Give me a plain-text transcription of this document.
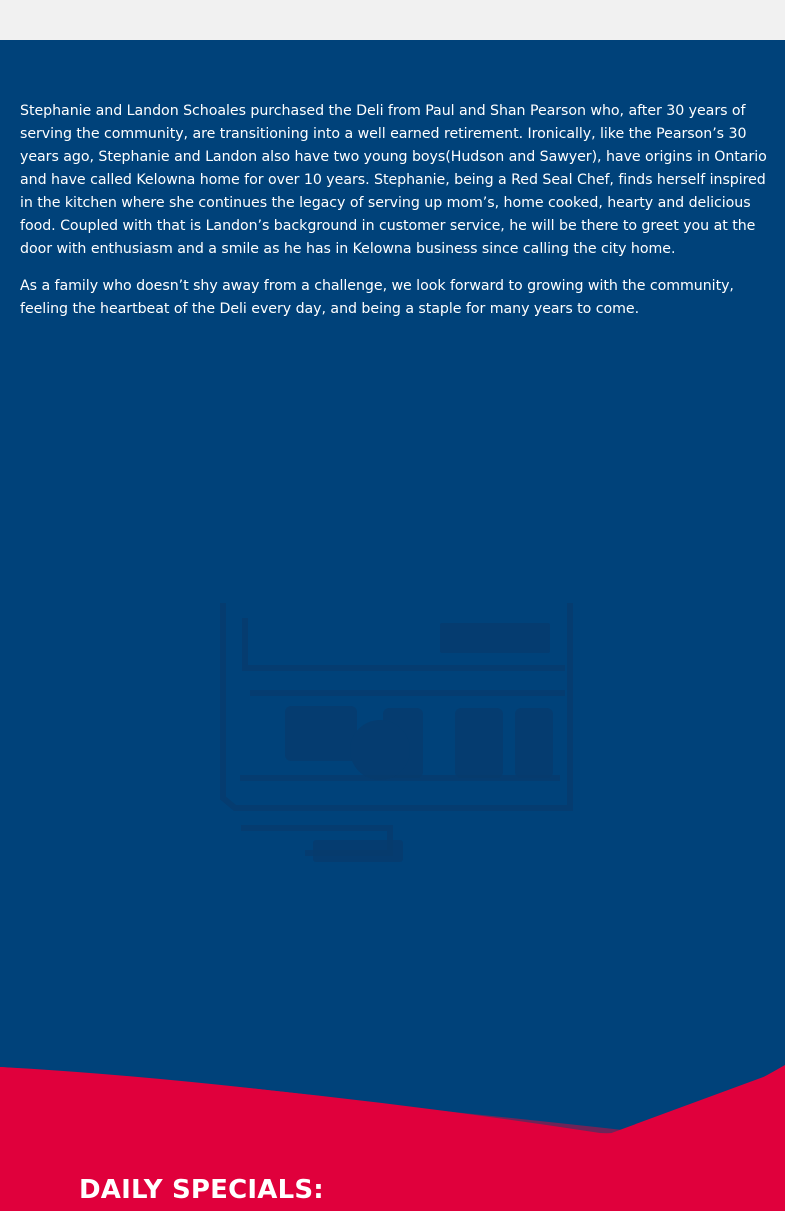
Stephanie and Landon Schoales purchased the Deli from Paul and Shan Pearson who, after 30 years of serving the community, are transitioning into a well earned retirement. Ironically, like the Pearson’s 30 years ago, Stephanie and Landon also have two young boys(Hudson and Sawyer), have origins in Ontario and have called Kelowna home for over 10 years. Stephanie, being a Red Seal Chef, finds herself inspired in the kitchen where she continues the legacy of serving up mom’s, home cooked, hearty and delicious food. Coupled with that is Landon’s background in customer service, he will be there to greet you at the door with enthusiasm and a smile as he has in Kelowna business since calling the city home.

As a family who doesn’t shy away from a challenge, we look forward to growing with the community, feeling the heartbeat of the Deli every day, and being a staple for many years to come.

DAILY SPECIALS:
